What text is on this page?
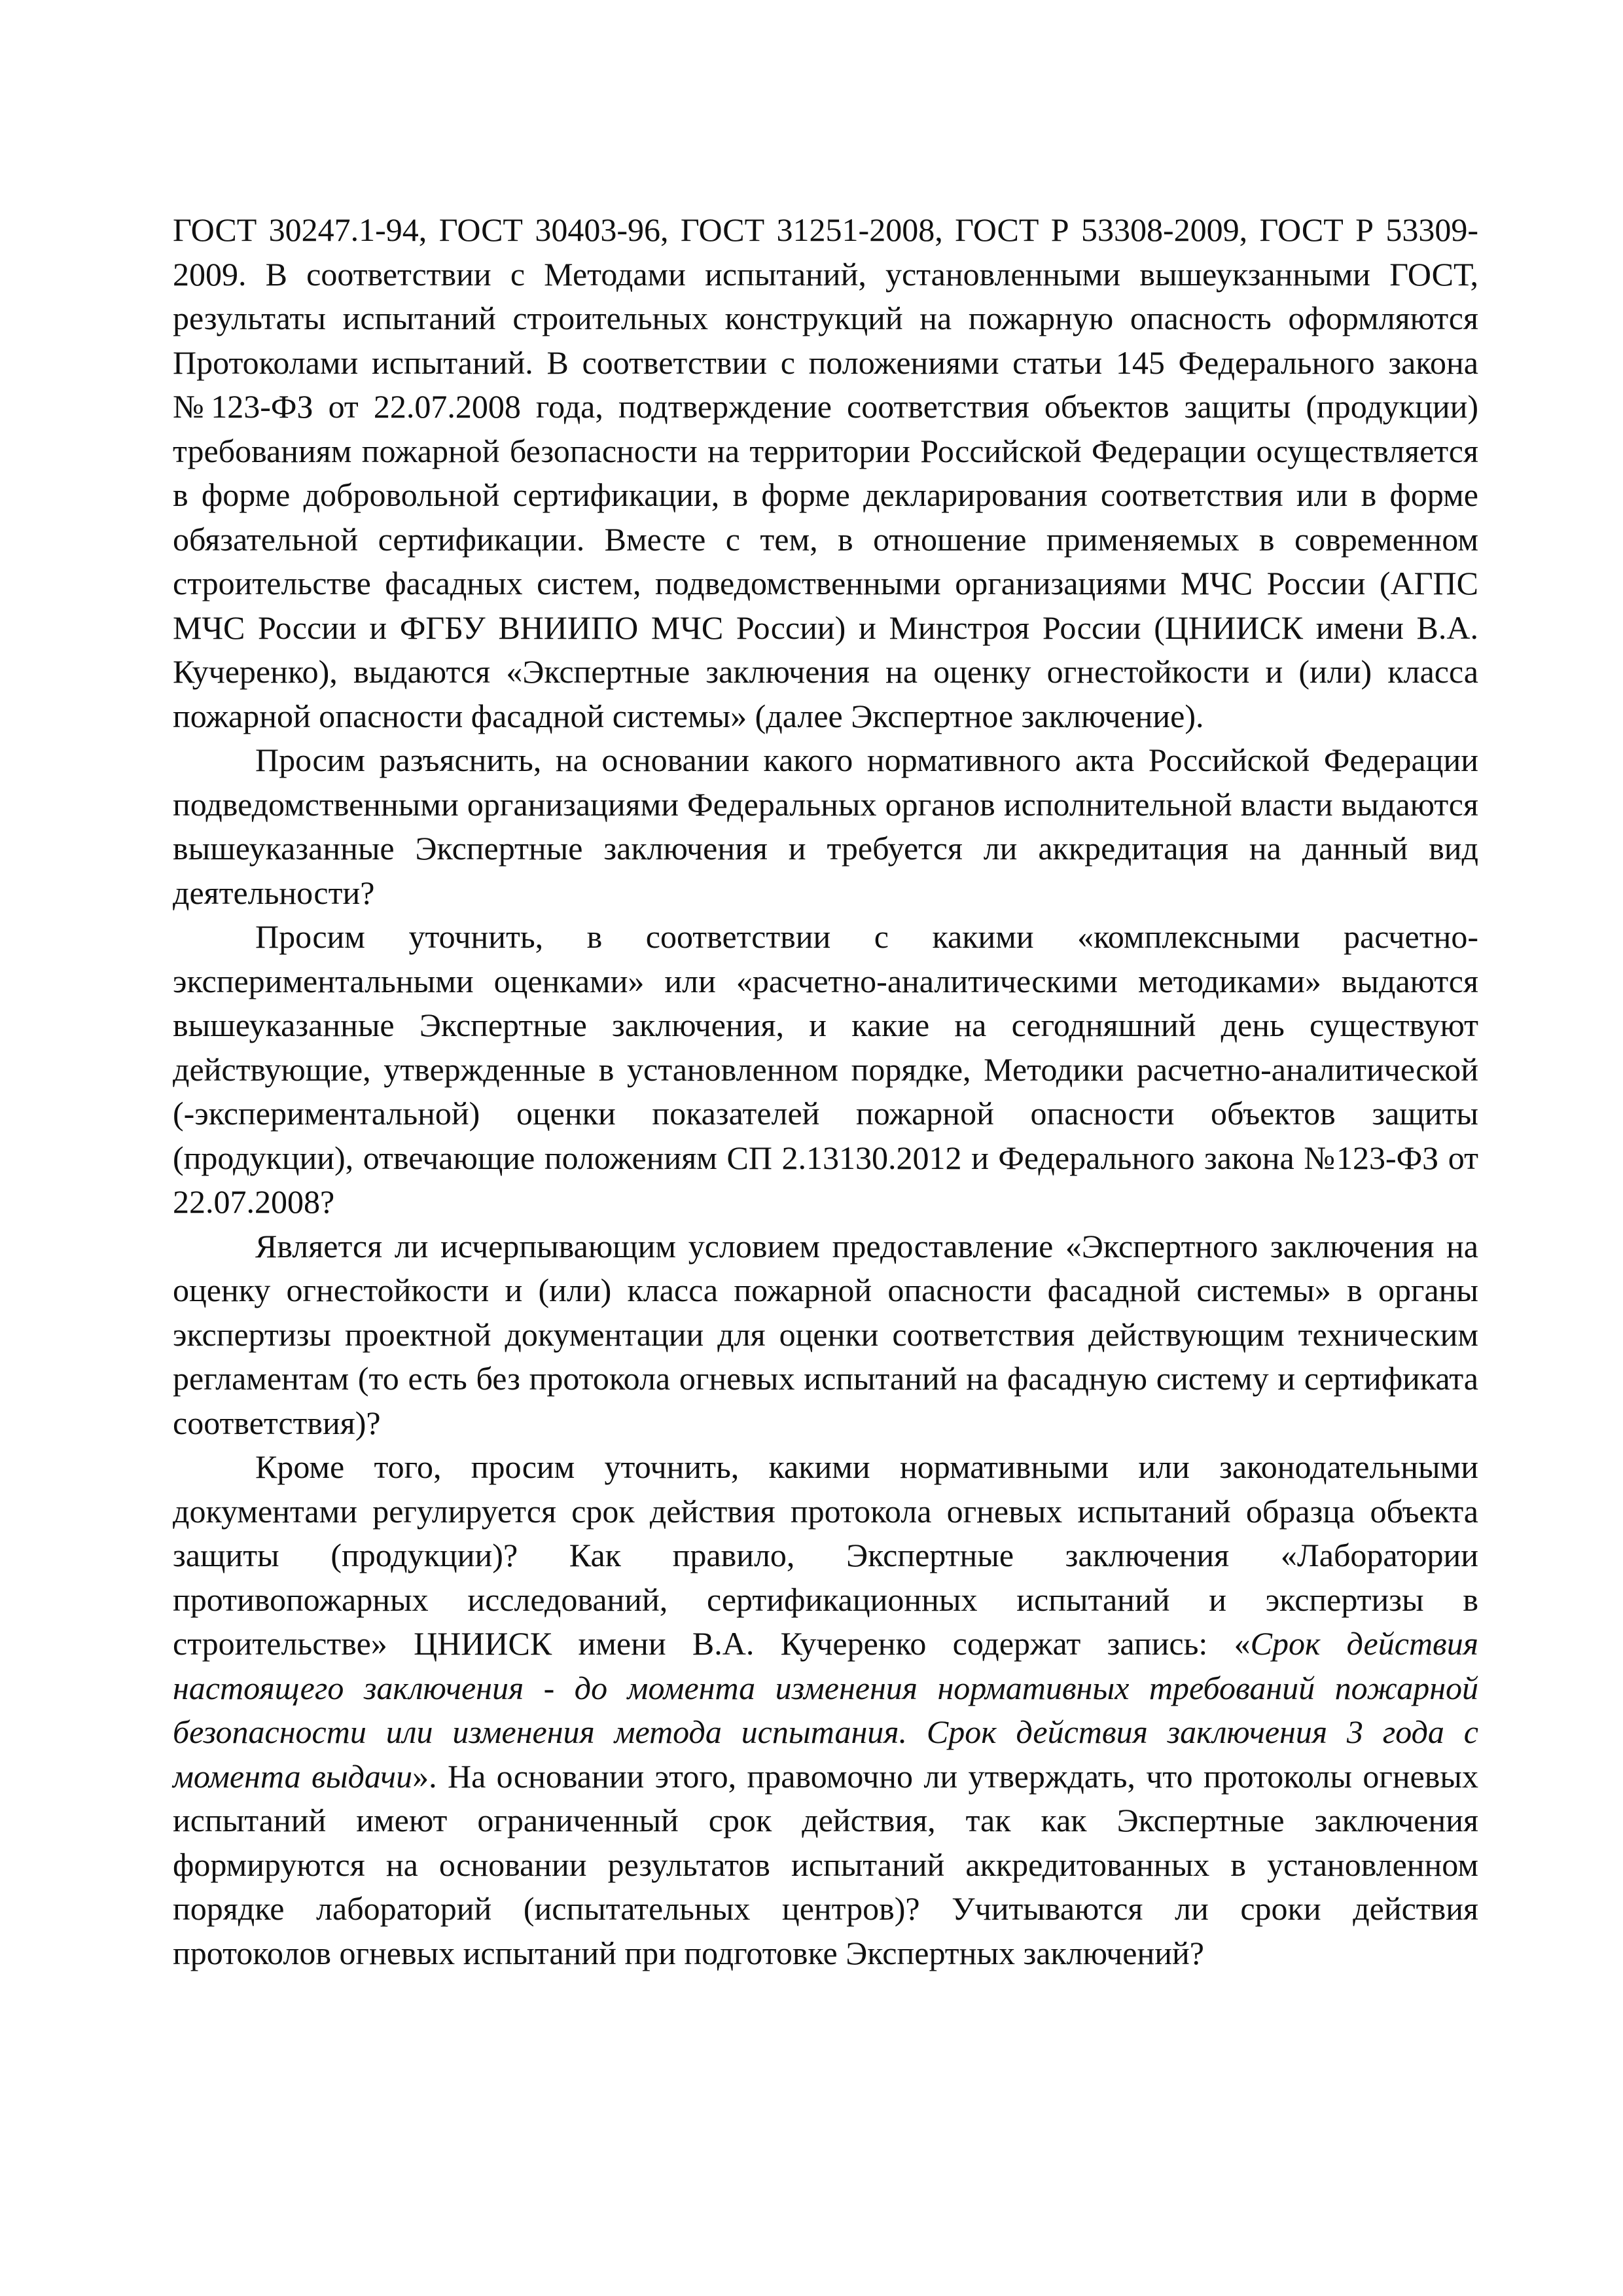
ГОСТ 30247.1-94, ГОСТ 30403-96, ГОСТ 31251-2008, ГОСТ Р 53308-2009, ГОСТ Р 53309-2009. В соответствии с Методами испытаний, установленными вышеукзанными ГОСТ, результаты испытаний строительных конструкций на пожарную опасность оформляются Протоколами испытаний. В соответствии с положениями статьи 145 Федерального закона №123-ФЗ от 22.07.2008 года, подтверждение соответствия объектов защиты (продукции) требованиям пожарной безопасности на территории Российской Федерации осуществляется в форме добровольной сертификации, в форме декларирования соответствия или в форме обязательной сертификации. Вместе с тем, в отношение применяемых в современном строительстве фасадных систем, подведомственными организациями МЧС России (АГПС МЧС России и ФГБУ ВНИИПО МЧС России) и Минстроя России (ЦНИИСК имени В.А. Кучеренко), выдаются «Экспертные заключения на оценку огнестойкости и (или) класса пожарной опасности фасадной системы» (далее Экспертное заключение).

Просим разъяснить, на основании какого нормативного акта Российской Федерации подведомственными организациями Федеральных органов исполнительной власти выдаются вышеуказанные Экспертные заключения и требуется ли аккредитация на данный вид деятельности?

Просим уточнить, в соответствии с какими «комплексными расчетно-экспериментальными оценками» или «расчетно-аналитическими методиками» выдаются вышеуказанные Экспертные заключения, и какие на сегодняшний день существуют действующие, утвержденные в установленном порядке, Методики расчетно-аналитической (-экспериментальной) оценки показателей пожарной опасности объектов защиты (продукции), отвечающие положениям СП 2.13130.2012 и Федерального закона №123-ФЗ от 22.07.2008?

Является ли исчерпывающим условием предоставление «Экспертного заключения на оценку огнестойкости и (или) класса пожарной опасности фасадной системы» в органы экспертизы проектной документации для оценки соответствия действующим техническим регламентам (то есть без протокола огневых испытаний на фасадную систему и сертификата соответствия)?

Кроме того, просим уточнить, какими нормативными или законодательными документами регулируется срок действия протокола огневых испытаний образца объекта защиты (продукции)? Как правило, Экспертные заключения «Лаборатории противопожарных исследований, сертификационных испытаний и экспертизы в строительстве» ЦНИИСК имени В.А. Кучеренко содержат запись: «Срок действия настоящего заключения - до момента изменения нормативных требований пожарной безопасности или изменения метода испытания. Срок действия заключения 3 года с момента выдачи». На основании этого, правомочно ли утверждать, что протоколы огневых испытаний имеют ограниченный срок действия, так как Экспертные заключения формируются на основании результатов испытаний аккредитованных в установленном порядке лабораторий (испытательных центров)? Учитываются ли сроки действия протоколов огневых испытаний при подготовке Экспертных заключений?
